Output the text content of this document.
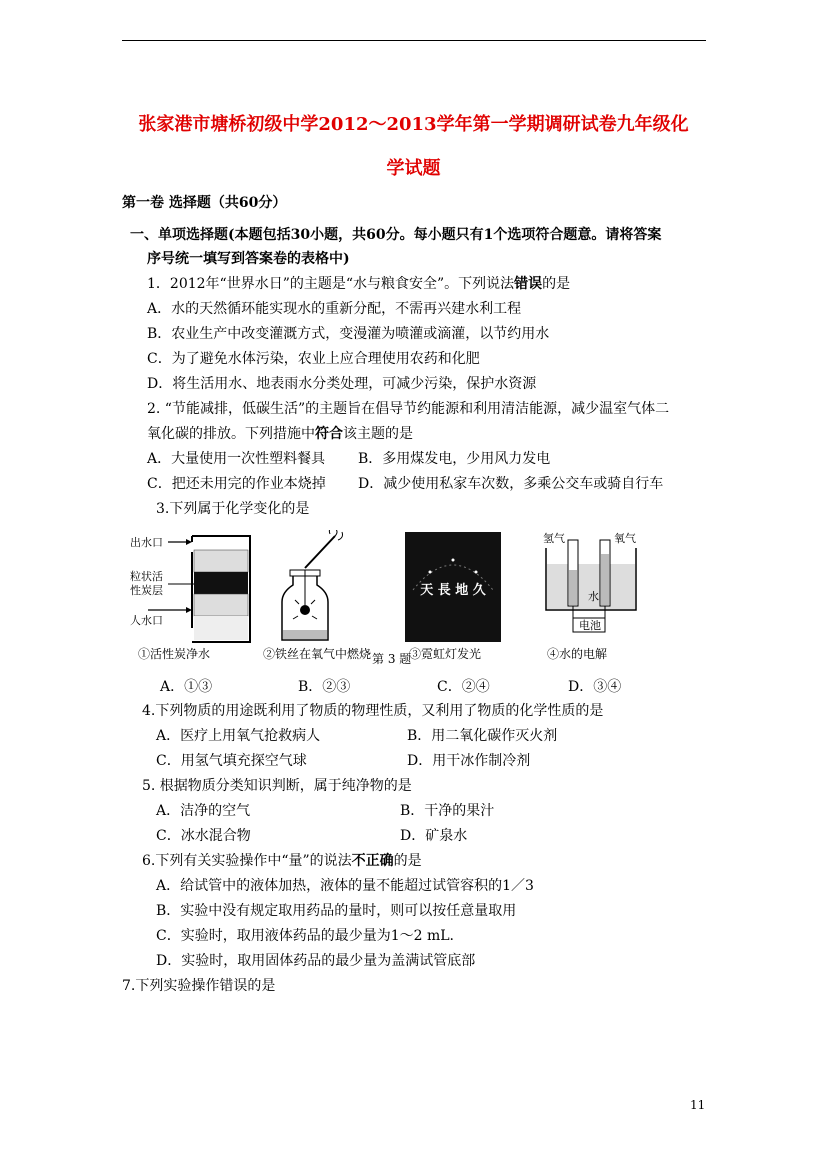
张家港市塘桥初级中学2012～2013学年第一学期调研试卷九年级化
学试题
第一卷 选择题（共60分）
一、单项选择题(本题包括30小题，共60分。每小题只有1个选项符合题意。请将答案
序号统一填写到答案卷的表格中)
1．2012年“世界水日”的主题是“水与粮食安全”。下列说法错误的是
A．水的天然循环能实现水的重新分配，不需再兴建水利工程
B．农业生产中改变灌溉方式，变漫灌为喷灌或滴灌，以节约用水
C．为了避免水体污染，农业上应合理使用农药和化肥
D．将生活用水、地表雨水分类处理，可减少污染，保护水资源
2. “节能减排，低碳生活”的主题旨在倡导节约能源和利用清洁能源，减少温室气体二
氧化碳的排放。下列措施中符合该主题的是
A．大量使用一次性塑料餐具 B．多用煤发电，少用风力发电
C．把还未用完的作业本烧掉 D．减少使用私家车次数，多乘公交车或骑自行车
3.下列属于化学变化的是
出水口
粒状活
性炭层
人水口
①活性炭净水	②铁丝在氧气中燃烧
天 長 地 久
③霓虹灯发光
氢气	氧气
水
电池
④水的电解
第 3 题
A．①③	B．②③	C．②④	D．③④
4.下列物质的用途既利用了物质的物理性质，又利用了物质的化学性质的是
A．医疗上用氧气抢救病人	B．用二氧化碳作灭火剂
C．用氢气填充探空气球	D．用干冰作制冷剂
5. 根据物质分类知识判断，属于纯净物的是
A．洁净的空气	B．干净的果汁
C．冰水混合物	D．矿泉水
6.下列有关实验操作中“量”的说法不正确的是
A．给试管中的液体加热，液体的量不能超过试管容积的1／3
B．实验中没有规定取用药品的量时，则可以按任意量取用
C．实验时，取用液体药品的最少量为1～2 mL.
D．实验时，取用固体药品的最少量为盖满试管底部
7.下列实验操作错误的是
11
